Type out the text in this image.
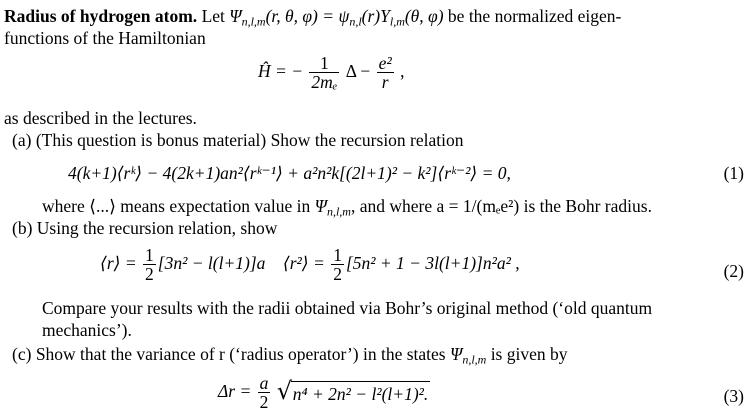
Radius of hydrogen atom. Let $\Psi_{n,l,m}(r$, θ, $\varphi) = \psi_{n,l}(r)Y_{l,m}(\theta$, φ) be the normalized eigen-
functions of the Hamiltonian
Ĥ = − $\frac{1}{\text{2mₑ}}$ $\Delta - \frac{\text{e²}}{r}$ ,
as described in the lectures.
(a) (This question is bonus material) Show the recursion relation
4(k+1)⟨rᵏ⟩ − 4(2k+1)an²⟨rᵏ⁻¹⟩ + a²n²k[(2l+1)² − k²]⟨rᵏ⁻²⟩ = 0,	(1)
where ⟨...⟩ means expectation value in $\Psi_{n,l,m}$, and where a = 1/(mₑe²) is the Bohr radius.
(b) Using the recursion relation, show
⟨r⟩ = $\frac{1}{2} [3n^2 - l(l+1)]a$ ⟨r²⟩ = $\frac{1}{2} [5n^2 + 1 - 3l(l+1)]n^2a^2$ ,	(2)
Compare your results with the radii obtained via Bohr’s original method (‘old quantum
mechanics’).
(c) Show that the variance of r (‘radius operator’) in the states $\Psi_{n,l,m}$ is given by
$\Delta r = \frac{a}{2}$
√ n⁴ + 2n² − l²(l+1)².	(3)
